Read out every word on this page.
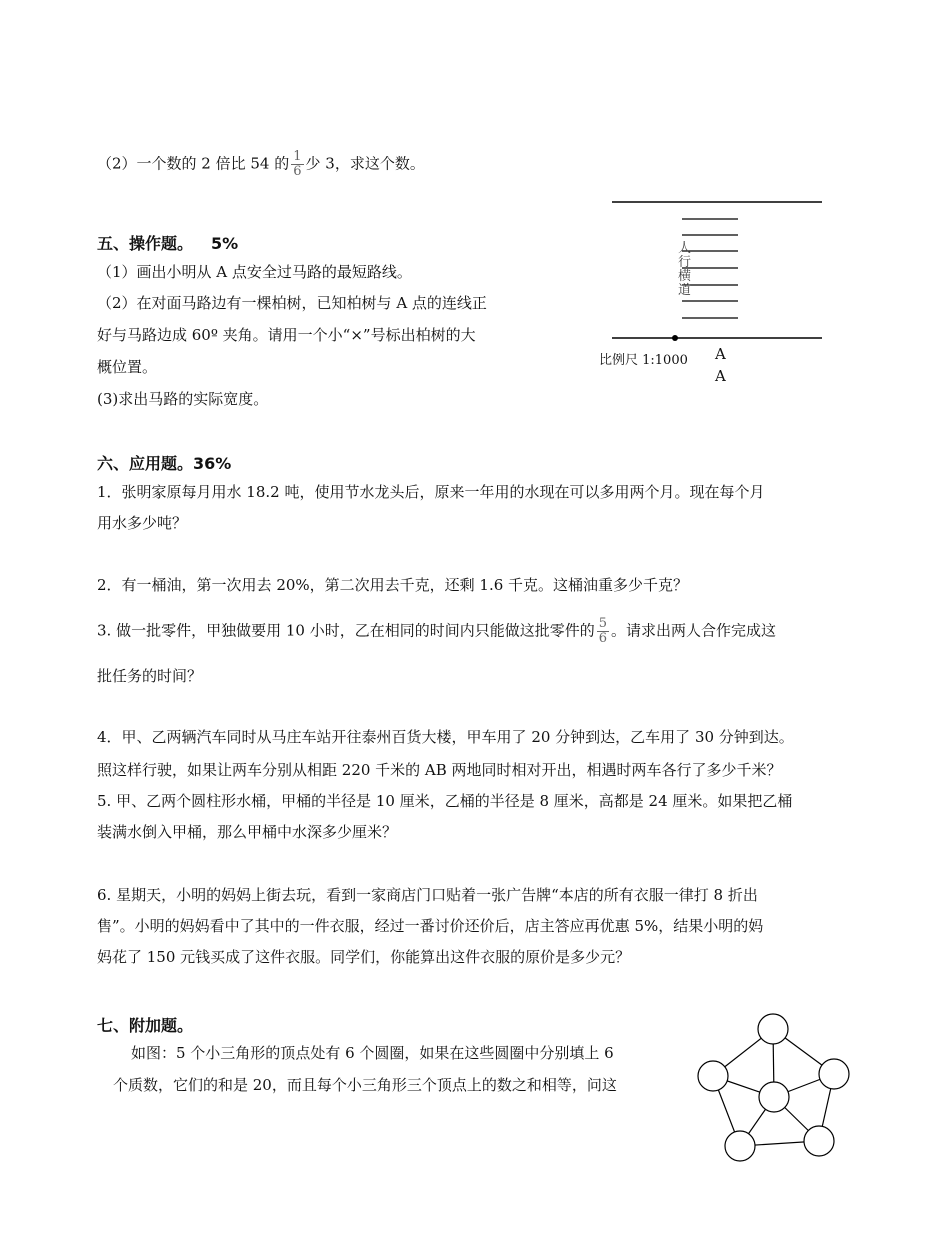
（2）一个数的 2 倍比 54 的 $\frac{1}{6}$ 少 3，求这个数。
五、操作题。 5%
（1）画出小明从 A 点安全过马路的最短路线。
（2）在对面马路边有一棵柏树，已知柏树与 A 点的连线正
好与马路边成 60º 夹角。请用一个小“×”号标出柏树的大
概位置。
(3)求出马路的实际宽度。
人行横道
比例尺 1:1000 A
A
六、应用题。36%
1．张明家原每月用水 18.2 吨，使用节水龙头后，原来一年用的水现在可以多用两个月。现在每个月
用水多少吨？
2．有一桶油，第一次用去 20%，第二次用去千克，还剩 1.6 千克。这桶油重多少千克？
3. 做一批零件，甲独做要用 10 小时，乙在相同的时间内只能做这批零件的 $\frac{5}{6}$ 。请求出两人合作完成这
批任务的时间？
4．甲、乙两辆汽车同时从马庄车站开往泰州百货大楼，甲车用了 20 分钟到达，乙车用了 30 分钟到达。
照这样行驶，如果让两车分别从相距 220 千米的 AB 两地同时相对开出，相遇时两车各行了多少千米？
5. 甲、乙两个圆柱形水桶，甲桶的半径是 10 厘米，乙桶的半径是 8 厘米，高都是 24 厘米。如果把乙桶
装满水倒入甲桶，那么甲桶中水深多少厘米？
6. 星期天，小明的妈妈上街去玩，看到一家商店门口贴着一张广告牌“本店的所有衣服一律打 8 折出
售”。小明的妈妈看中了其中的一件衣服，经过一番讨价还价后，店主答应再优惠 5%，结果小明的妈
妈花了 150 元钱买成了这件衣服。同学们，你能算出这件衣服的原价是多少元？
七、附加题。
如图：5 个小三角形的顶点处有 6 个圆圈，如果在这些圆圈中分别填上 6
个质数，它们的和是 20，而且每个小三角形三个顶点上的数之和相等，问这
